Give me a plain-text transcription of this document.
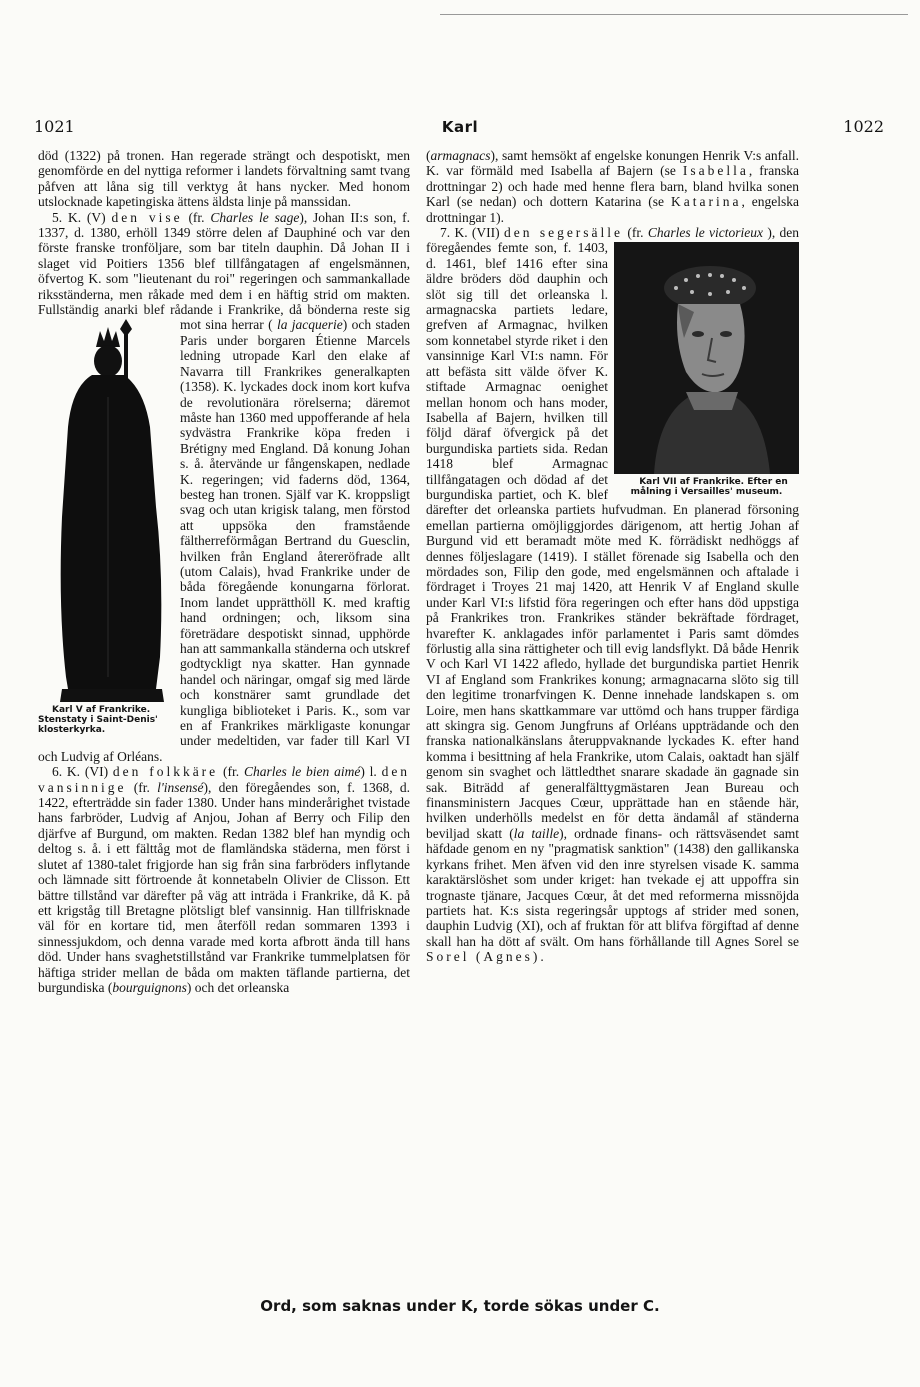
1021	Karl	1022

död (1322) på tronen. Han regerade strängt och despotiskt, men genomförde en del nyttiga reformer i landets förvaltning samt tvang påfven att låna sig till verktyg åt hans nycker. Med honom utslocknade kapetingiska ättens äldsta linje på manssidan.

5. K. (V) den vise (fr. Charles le sage), Johan II:s son, f. 1337, d. 1380, erhöll 1349 större delen af Dauphiné och var den förste franske tronföljare, som bar titeln dauphin. Då Johan II i slaget vid Poitiers 1356 blef tillfångatagen af engelsmännen, öfvertog K. som "lieutenant du roi" regeringen och sammankallade riksständerna, men råkade med dem i en häftig strid om makten. Fullständig anarki blef rådande i Frankrike, då bönderna reste sig mot sina herrar (
Karl V af Frankrike. Stenstaty i Saint-Denis' klosterkyrka.
la jacquerie) och staden Paris under borgaren Étienne Marcels ledning utropade Karl den elake af Navarra till Frankrikes generalkapten (1358). K. lyckades dock inom kort kufva de revolutionära rörelserna; däremot måste han 1360 med uppofferande af hela sydvästra Frankrike köpa freden i Brétigny med England. Då konung Johan s. å. återvände ur fångenskapen, nedlade K. regeringen; vid faderns död, 1364, besteg han tronen. Själf var K. kroppsligt svag och utan krigisk talang, men förstod att uppsöka den framstående fältherreförmågan Bertrand du Guesclin, hvilken från England återeröfrade allt (utom Calais), hvad Frankrike under de båda föregående konungarna förlorat. Inom landet upprätthöll K. med kraftig hand ordningen; och, liksom sina företrädare despotiskt sinnad, upphörde han att sammankalla ständerna och utskref godtyckligt nya skatter. Han gynnade handel och näringar, omgaf sig med lärde och konstnärer samt grundlade det kungliga biblioteket i Paris. K., som var en af Frankrikes märkligaste konungar under medeltiden, var fader till Karl VI och Ludvig af Orléans.

6. K. (VI) den folkkäre (fr. Charles le bien aimé) l. den vansinnige (fr. l'insensé), den föregåendes son, f. 1368, d. 1422, efterträdde sin fader 1380. Under hans minderårighet tvistade hans farbröder, Ludvig af Anjou, Johan af Berry och Filip den djärfve af Burgund, om makten. Redan 1382 blef han myndig och deltog s. å. i ett fälttåg mot de flamländska städerna, men först i slutet af 1380-talet frigjorde han sig från sina farbröders inflytande och lämnade sitt förtroende åt konnetabeln Olivier de Clisson. Ett bättre tillstånd var därefter på väg att inträda i Frankrike, då K. på ett krigståg till Bretagne plötsligt blef vansinnig. Han tillfrisknade väl för en kortare tid, men återföll redan sommaren 1393 i sinnessjukdom, och denna varade med korta afbrott ända till hans död. Under hans svaghetstillstånd var Frankrike tummelplatsen för häftiga strider mellan de båda om makten täflande partierna, det burgundiska (bourguignons) och det orleanska

(armagnacs), samt hemsökt af engelske konungen Henrik V:s anfall. K. var förmäld med Isabella af Bajern (se Isabella, franska drottningar 2) och hade med henne flera barn, bland hvilka sonen Karl (se nedan) och dottern Katarina (se Katarina, engelska drottningar 1).

7. K. (VII) den segersälle (fr. Charles le victorieux
Karl VII af Frankrike. Efter en målning i Versailles' museum.
), den föregåendes femte son, f. 1403, d. 1461, blef 1416 efter sina äldre bröders död dauphin och slöt sig till det orleanska l. armagnacska partiets ledare, grefven af Armagnac, hvilken som konnetabel styrde riket i den vansinnige Karl VI:s namn. För att befästa sitt välde öfver K. stiftade Armagnac oenighet mellan honom och hans moder, Isabella af Bajern, hvilken till följd däraf öfvergick på det burgundiska partiets sida. Redan 1418 blef Armagnac tillfångatagen och dödad af det burgundiska partiet, och K. blef därefter det orleanska partiets hufvudman. En planerad försoning emellan partierna omöjliggjordes därigenom, att hertig Johan af Burgund vid ett beramadt möte med K. förrädiskt nedhöggs af dennes följeslagare (1419). I stället förenade sig Isabella och den mördades son, Filip den gode, med engelsmännen och aftalade i fördraget i Troyes 21 maj 1420, att Henrik V af England skulle under Karl VI:s lifstid föra regeringen och efter hans död uppstiga på Frankrikes tron. Frankrikes ständer bekräftade fördraget, hvarefter K. anklagades inför parlamentet i Paris samt dömdes förlustig alla sina rättigheter och till evig landsflykt. Då både Henrik V och Karl VI 1422 afledo, hyllade det burgundiska partiet Henrik VI af England som Frankrikes konung; armagnacarna slöto sig till den legitime tronarfvingen K. Denne innehade landskapen s. om Loire, men hans skattkammare var uttömd och hans trupper färdiga att skingra sig. Genom Jungfruns af Orléans uppträdande och den franska nationalkänslans återuppvaknande lyckades K. efter hand komma i besittning af hela Frankrike, utom Calais, oaktadt han själf genom sin svaghet och lättledthet snarare skadade än gagnade sin sak. Biträdd af generalfälttygmästaren Jean Bureau och finansministern Jacques Cœur, upprättade han en stående här, hvilken underhölls medelst en för detta ändamål af ständerna beviljad skatt (la taille), ordnade finans- och rättsväsendet samt häfdade genom en ny "pragmatisk sanktion" (1438) den gallikanska kyrkans frihet. Men äfven vid den inre styrelsen visade K. samma karaktärslöshet som under kriget: han tvekade ej att uppoffra sin trognaste tjänare, Jacques Cœur, åt det med reformerna missnöjda partiets hat. K:s sista regeringsår upptogs af strider med sonen, dauphin Ludvig (XI), och af fruktan för att blifva förgiftad af denne skall han ha dött af svält. Om hans förhållande till Agnes Sorel se Sorel (Agnes).

Ord, som saknas under K, torde sökas under C.
